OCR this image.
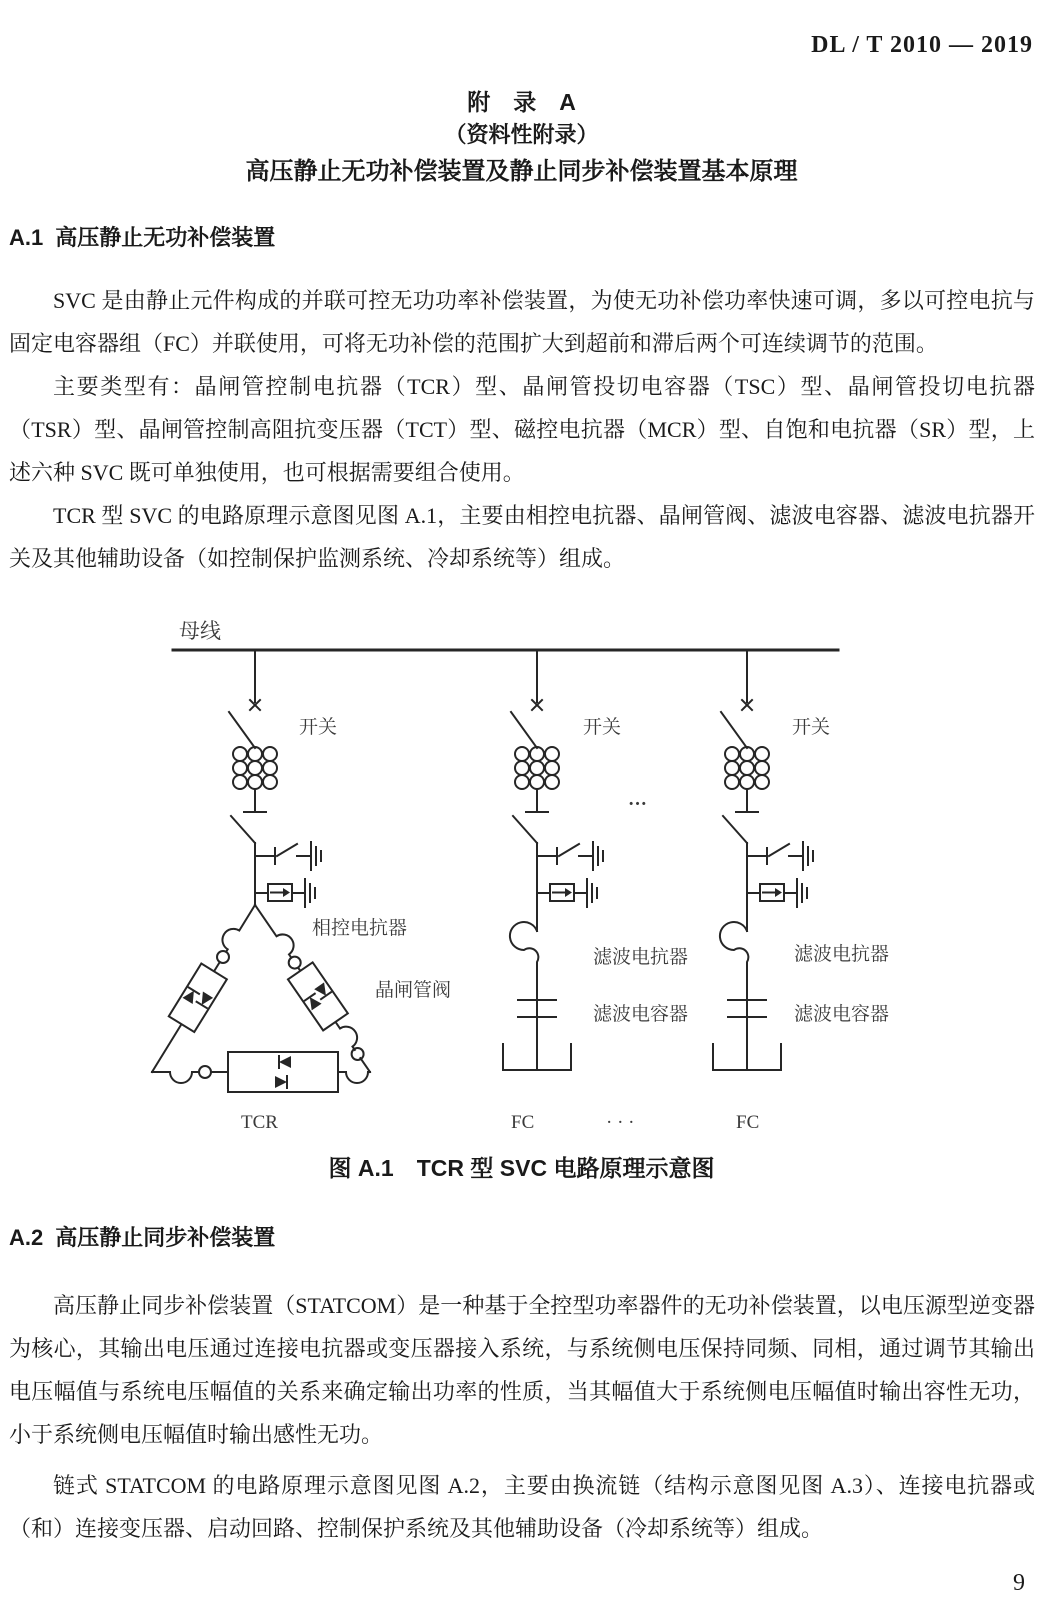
DL / T 2010 — 2019
附　录　A
（资料性附录）
高压静止无功补偿装置及静止同步补偿装置基本原理
A.1 高压静止无功补偿装置

SVC 是由静止元件构成的并联可控无功功率补偿装置，为使无功补偿功率快速可调，多以可控电抗与固定电容器组（FC）并联使用，可将无功补偿的范围扩大到超前和滞后两个可连续调节的范围。

主要类型有：晶闸管控制电抗器（TCR）型、晶闸管投切电容器（TSC）型、晶闸管投切电抗器（TSR）型、晶闸管控制高阻抗变压器（TCT）型、磁控电抗器（MCR）型、自饱和电抗器（SR）型，上述六种 SVC 既可单独使用，也可根据需要组合使用。

TCR 型 SVC 的电路原理示意图见图 A.1，主要由相控电抗器、晶闸管阀、滤波电容器、滤波电抗器开关及其他辅助设备（如控制保护监测系统、冷却系统等）组成。

母线
开关	开关	开关
···
相控电抗器
晶闸管阀
滤波电抗器	滤波电抗器
滤波电容器	滤波电容器
TCR	FC	FC
· · ·
图 A.1　TCR 型 SVC 电路原理示意图
A.2 高压静止同步补偿装置

高压静止同步补偿装置（STATCOM）是一种基于全控型功率器件的无功补偿装置，以电压源型逆变器为核心，其输出电压通过连接电抗器或变压器接入系统，与系统侧电压保持同频、同相，通过调节其输出电压幅值与系统电压幅值的关系来确定输出功率的性质，当其幅值大于系统侧电压幅值时输出容性无功，小于系统侧电压幅值时输出感性无功。

链式 STATCOM 的电路原理示意图见图 A.2，主要由换流链（结构示意图见图 A.3）、连接电抗器或（和）连接变压器、启动回路、控制保护系统及其他辅助设备（冷却系统等）组成。

9
